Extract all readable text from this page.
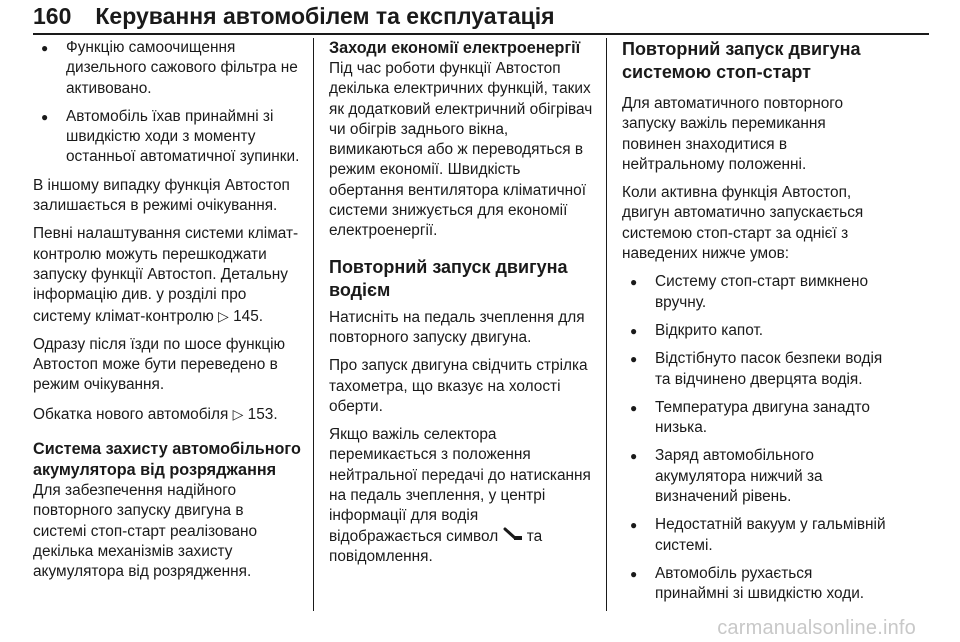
160 Керування автомобілем та експлуатація
● Функцію самоочищення дизельного сажового фільтра не активовано.
● Автомобіль їхав принаймні зі швидкістю ходи з моменту останньої автоматичної зупинки.

В іншому випадку функція Автостоп залишається в режимі очікування.

Певні налаштування системи клімат-контролю можуть перешкоджати запуску функції Автостоп. Детальну інформацію див. у розділі про систему клімат-контролю ▷ 145.

Одразу після їзди по шосе функцію Автостоп може бути переведено в режим очікування.

Обкатка нового автомобіля ▷ 153.

Система захисту автомобільного акумулятора від розряджання

Для забезпечення надійного повторного запуску двигуна в системі стоп-старт реалізовано декілька механізмів захисту акумулятора від розрядження.

Заходи економії електроенергії

Під час роботи функції Автостоп декілька електричних функцій, таких як додатковий електричний обігрівач чи обігрів заднього вікна, вимикаються або ж переводяться в режим економії. Швидкість обертання вентилятора кліматичної системи знижується для економії електроенергії.

Повторний запуск двигуна водієм

Натисніть на педаль зчеплення для повторного запуску двигуна.

Про запуск двигуна свідчить стрілка тахометра, що вказує на холості оберти.

Якщо важіль селектора перемикається з положення нейтральної передачі до натискання на педаль зчеплення, у центрі інформації для водія відображається символ та повідомлення.

Повторний запуск двигуна системою стоп-старт

Для автоматичного повторного запуску важіль перемикання повинен знаходитися в нейтральному положенні.

Коли активна функція Автостоп, двигун автоматично запускається системою стоп-старт за однієї з наведених нижче умов:

● Систему стоп-старт вимкнено вручну.
● Відкрито капот.
● Відстібнуто пасок безпеки водія та відчинено дверцята водія.
● Температура двигуна занадто низька.
● Заряд автомобільного акумулятора нижчий за визначений рівень.
● Недостатній вакуум у гальмівній системі.
● Автомобіль рухається принаймні зі швидкістю ходи.
carmanualsonline.info
